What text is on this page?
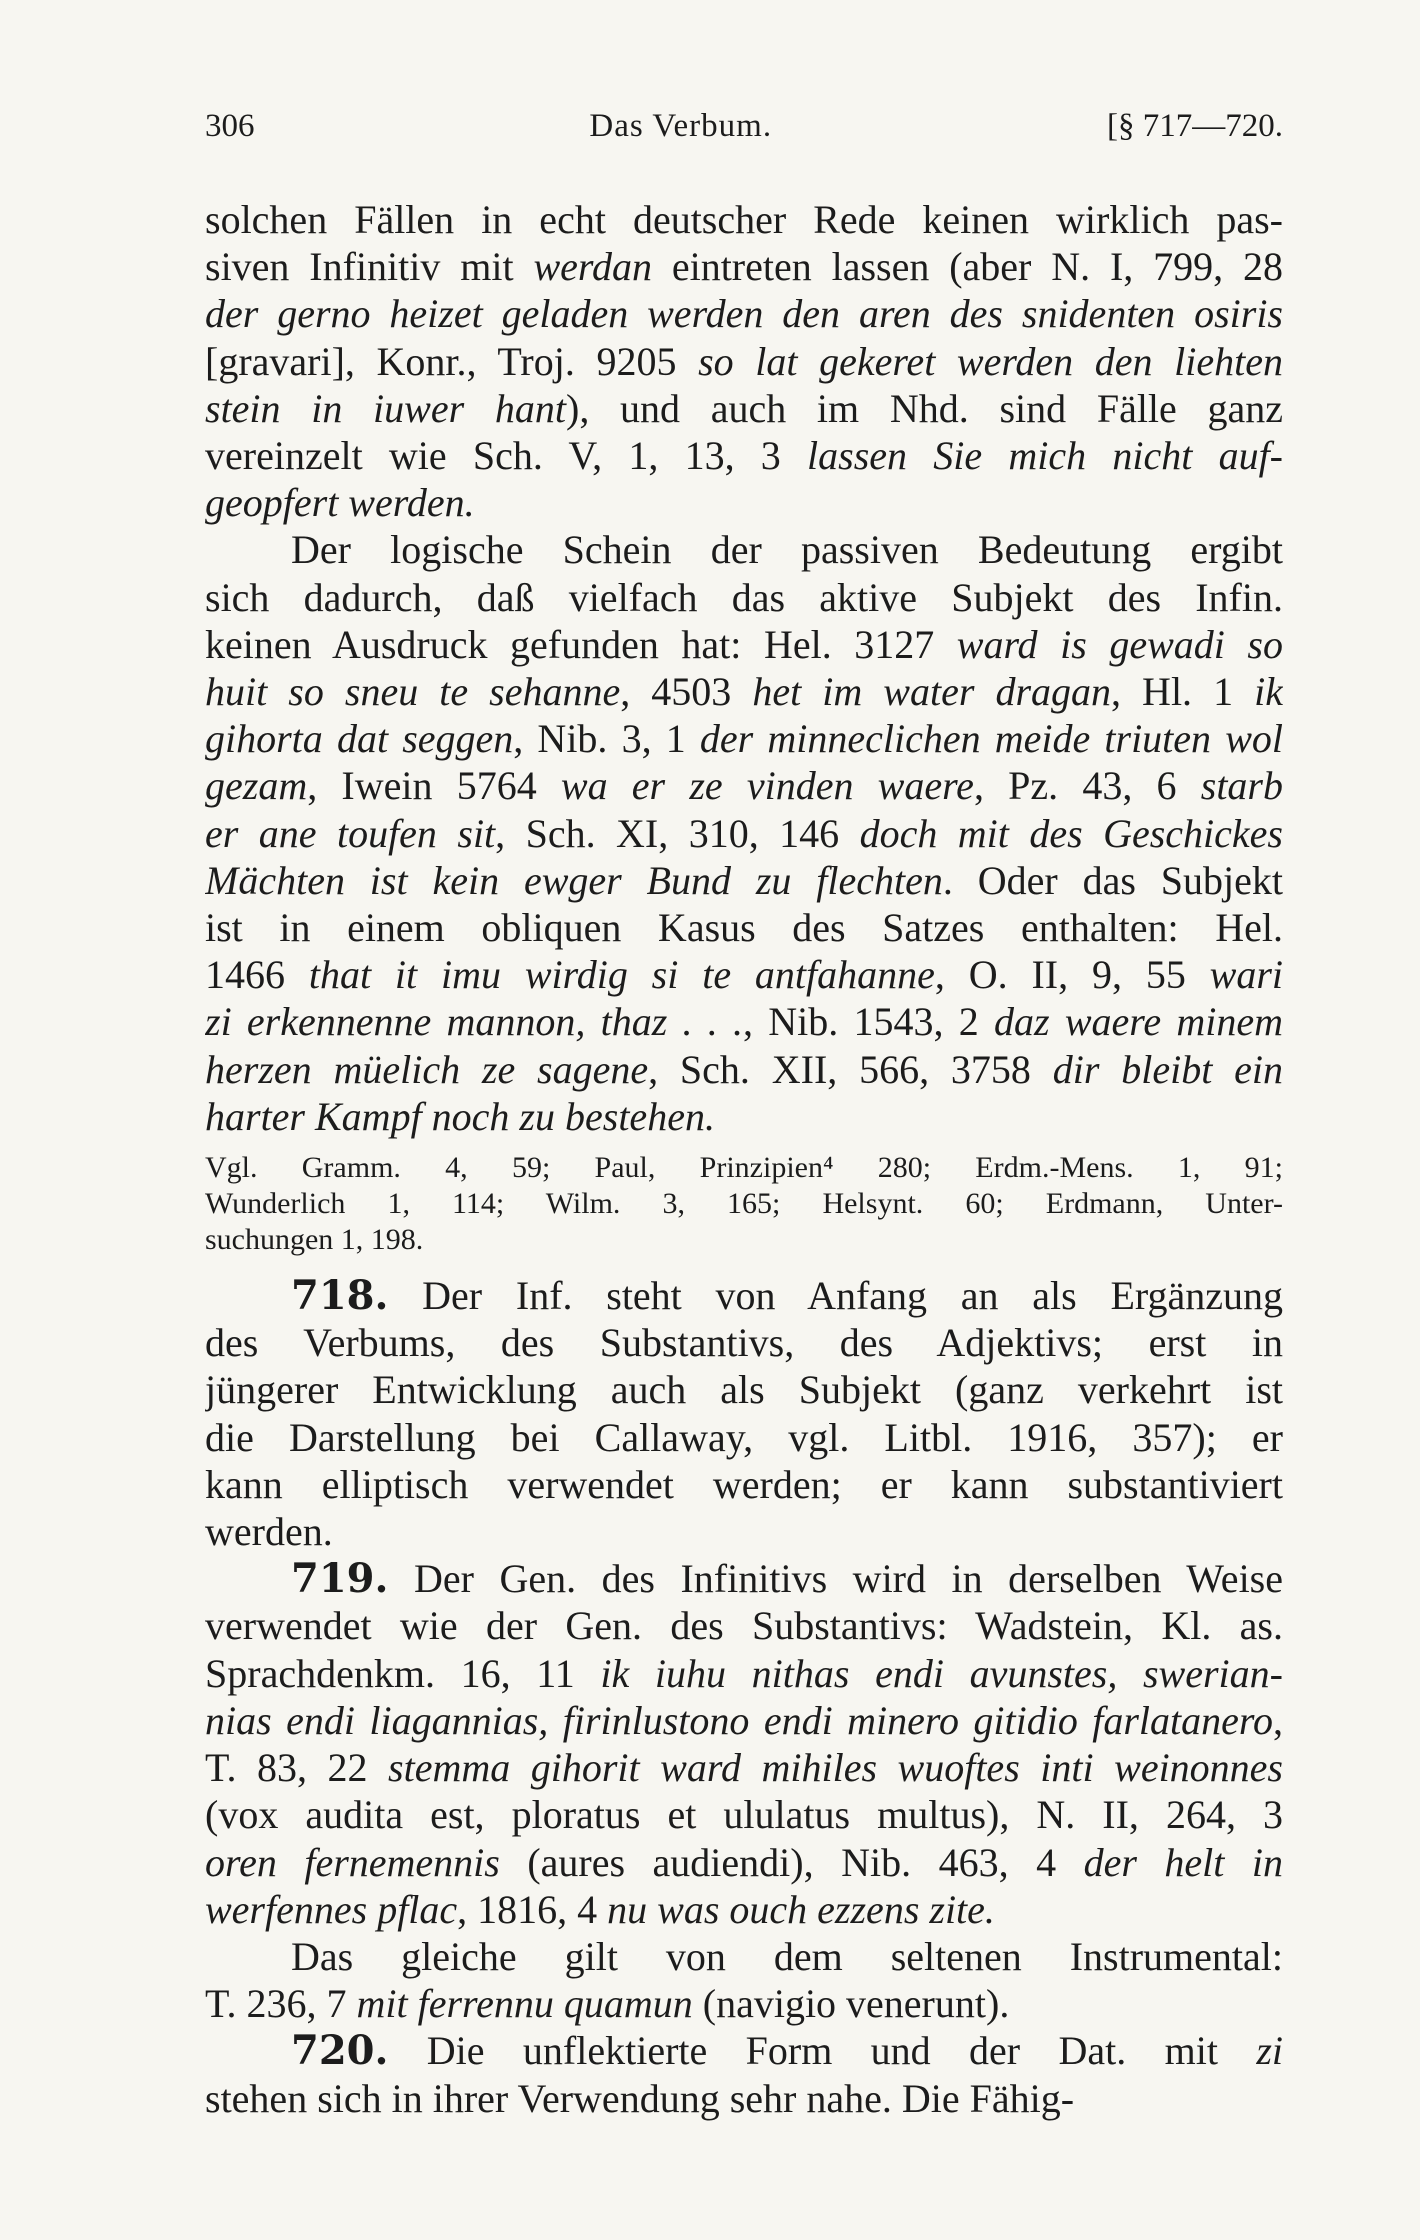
306	Das Verbum.	[§ 717—720.
solchen Fällen in echt deutscher Rede keinen wirklich pas-
siven Infinitiv mit werdan eintreten lassen (aber N. I, 799, 28
der gerno heizet geladen werden den aren des snidenten osiris
[gravari], Konr., Troj. 9205 so lat gekeret werden den liehten
stein in iuwer hant), und auch im Nhd. sind Fälle ganz
vereinzelt wie Sch. V, 1, 13, 3 lassen Sie mich nicht auf-
geopfert werden.
Der logische Schein der passiven Bedeutung ergibt
sich dadurch, daß vielfach das aktive Subjekt des Infin.
keinen Ausdruck gefunden hat: Hel. 3127 ward is gewadi so
huit so sneu te sehanne, 4503 het im water dragan, Hl. 1 ik
gihorta dat seggen, Nib. 3, 1 der minneclichen meide triuten wol
gezam, Iwein 5764 wa er ze vinden waere, Pz. 43, 6 starb
er ane toufen sit, Sch. XI, 310, 146 doch mit des Geschickes
Mächten ist kein ewger Bund zu flechten. Oder das Subjekt
ist in einem obliquen Kasus des Satzes enthalten: Hel.
1466 that it imu wirdig si te antfahanne, O. II, 9, 55 wari
zi erkennenne mannon, thaz . . ., Nib. 1543, 2 daz waere minem
herzen müelich ze sagene, Sch. XII, 566, 3758 dir bleibt ein
harter Kampf noch zu bestehen.
Vgl. Gramm. 4, 59; Paul, Prinzipien⁴ 280; Erdm.-Mens. 1, 91;
Wunderlich 1, 114; Wilm. 3, 165; Helsynt. 60; Erdmann, Unter-
suchungen 1, 198.
718. Der Inf. steht von Anfang an als Ergänzung
des Verbums, des Substantivs, des Adjektivs; erst in
jüngerer Entwicklung auch als Subjekt (ganz verkehrt ist
die Darstellung bei Callaway, vgl. Litbl. 1916, 357); er
kann elliptisch verwendet werden; er kann substantiviert
werden.
719. Der Gen. des Infinitivs wird in derselben Weise
verwendet wie der Gen. des Substantivs: Wadstein, Kl. as.
Sprachdenkm. 16, 11 ik iuhu nithas endi avunstes, swerian-
nias endi liagannias, firinlustono endi minero gitidio farlatanero,
T. 83, 22 stemma gihorit ward mihiles wuoftes inti weinonnes
(vox audita est, ploratus et ululatus multus), N. II, 264, 3
oren fernemennis (aures audiendi), Nib. 463, 4 der helt in
werfennes pflac, 1816, 4 nu was ouch ezzens zite.
Das gleiche gilt von dem seltenen Instrumental:
T. 236, 7 mit ferrennu quamun (navigio venerunt).
720. Die unflektierte Form und der Dat. mit zi
stehen sich in ihrer Verwendung sehr nahe. Die Fähig-
